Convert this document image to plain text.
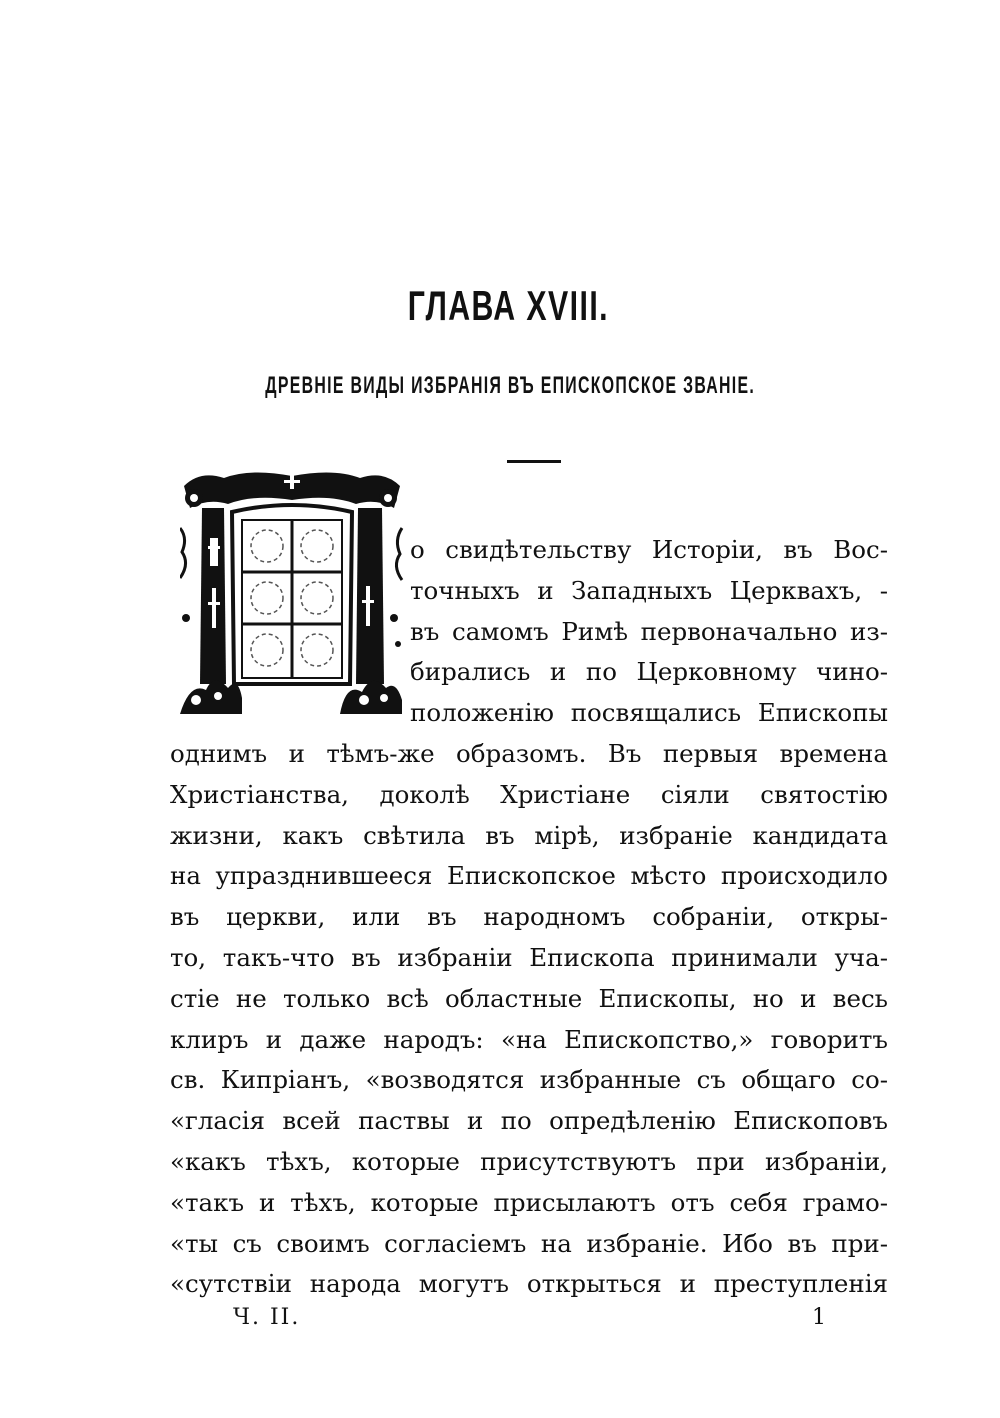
ГЛАВА XVIII.
ДРЕВНІЕ ВИДЫ ИЗБРАНІЯ ВЪ ЕПИСКОПСКОЕ ЗВАНІЕ.
о свидѣтельству Исторіи, въ Вос-
точныхъ и Западныхъ Церквахъ, -
въ самомъ Римѣ первоначально из-
бирались и по Церковному чино-
положенію посвящались Епископы
однимъ и тѣмъ-же образомъ. Въ первыя времена
Христіанства, доколѣ Христіане сіяли святостію
жизни, какъ свѣтила въ мірѣ, избраніе кандидата
на упразднившееся Епископское мѣсто происходило
въ церкви, или въ народномъ собраніи, откры-
то, такъ-что въ избраніи Епископа принимали уча-
стіе не только всѣ областные Епископы, но и весь
клиръ и даже народъ: «на Епископство,» говоритъ
св. Кипріанъ, «возводятся избранные съ общаго со-
«гласія всей паствы и по опредѣленію Епископовъ
«какъ тѣхъ, которые присутствуютъ при избраніи,
«такъ и тѣхъ, которые присылаютъ отъ себя грамо-
«ты съ своимъ согласіемъ на избраніе. Ибо въ при-
«сутствіи народа могутъ открыться и преступленія
Ч. II.	1
